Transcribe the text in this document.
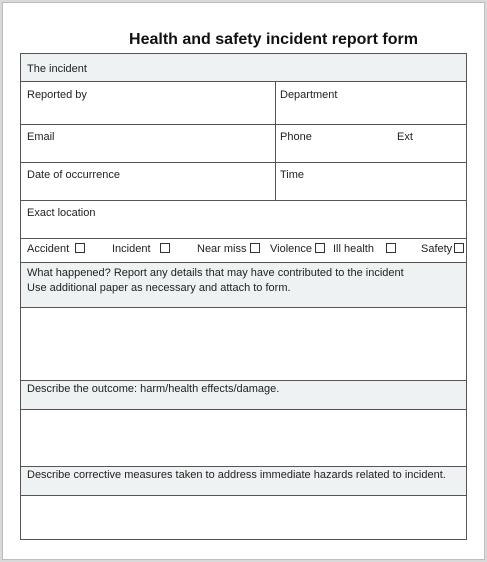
Health and safety incident report form
The incident
Reported by	Department
Email	Phone	Ext
Date of occurrence	Time
Exact location
Accident	Incident	Near miss	Violence	Ill health	Safety
What happened? Report any details that may have contributed to the incident
Use additional paper as necessary and attach to form.
Describe the outcome: harm/health effects/damage.
Describe corrective measures taken to address immediate hazards related to incident.
